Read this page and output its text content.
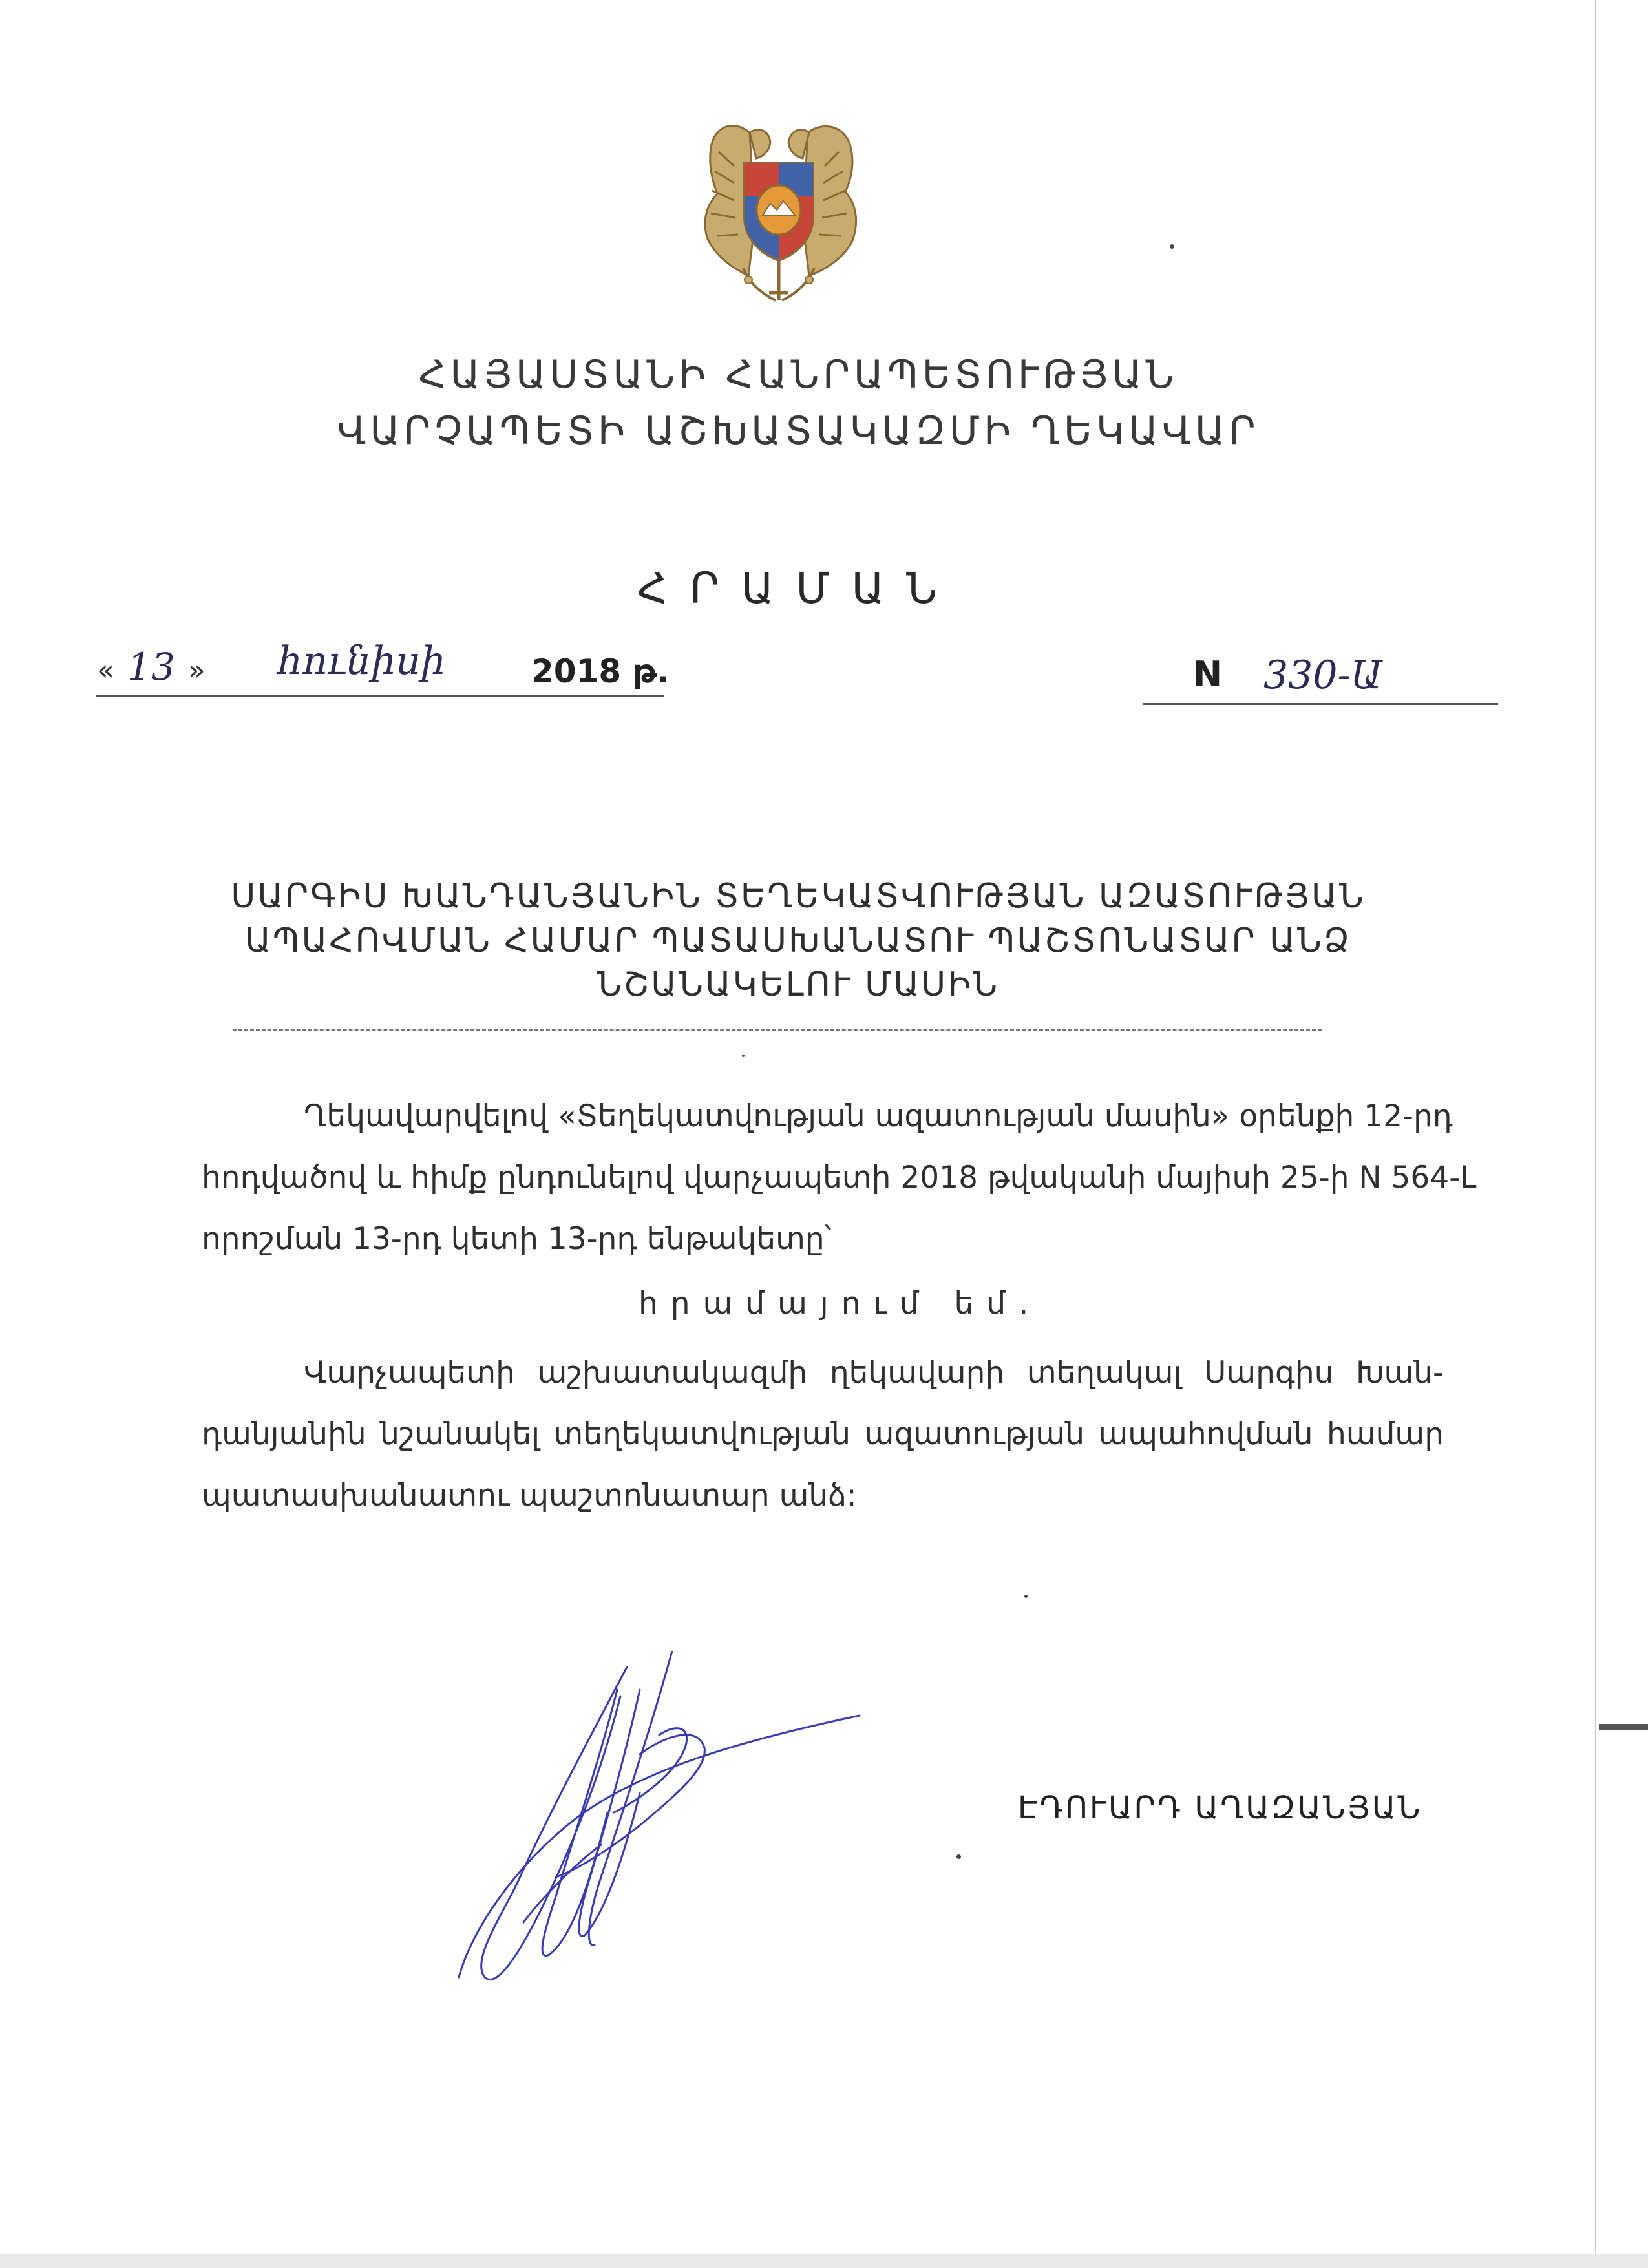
ՀԱՅԱՍՏԱՆԻ ՀԱՆՐԱՊԵՏՈՒԹՅԱՆ
ՎԱՐՉԱՊԵՏԻ ԱՇԽԱՏԱԿԱԶՄԻ ՂԵԿԱՎԱՐ
ՀՐԱՄԱՆ
« 13 » հունիսի	2018 թ.	N 330-Ա
ՍԱՐԳԻՍ ԽԱՆԴԱՆՅԱՆԻՆ ՏԵՂԵԿԱՏՎՈՒԹՅԱՆ ԱԶԱՏՈՒԹՅԱՆ
ԱՊԱՀՈՎՄԱՆ ՀԱՄԱՐ ՊԱՏԱՍԽԱՆԱՏՈՒ ՊԱՇՏՈՆԱՏԱՐ ԱՆՁ
ՆՇԱՆԱԿԵԼՈՒ ՄԱՍԻՆ
Ղեկավարվելով «Տեղեկատվության ազատության մասին» օրենքի 12-րդ
հոդվածով և հիմք ընդունելով վարչապետի 2018 թվականի մայիսի 25-ի N 564-Լ
որոշման 13-րդ կետի 13-րդ ենթակետը՝
հրամայում եմ.
Վարչապետի աշխատակազմի ղեկավարի տեղակալ Սարգիս Խան-
դանյանին նշանակել տեղեկատվության ազատության ապահովման համար
պատասխանատու պաշտոնատար անձ:
ԷԴՈՒԱՐԴ ԱՂԱԶԱՆՅԱՆ
